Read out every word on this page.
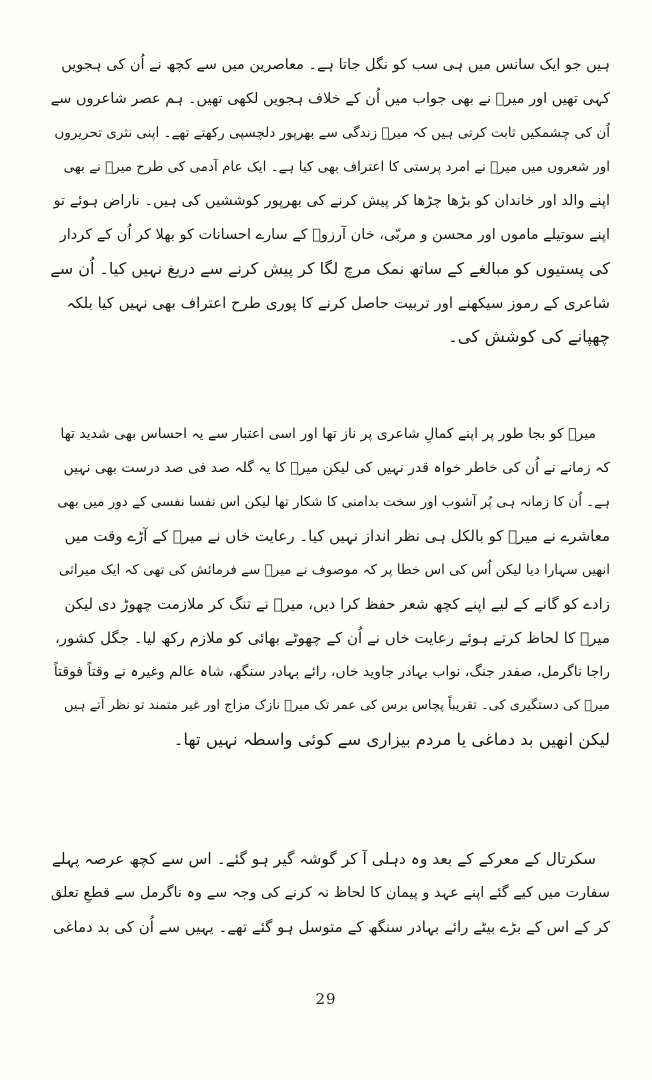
ہیں جو ایک سانس میں ہی سب کو نگل جاتا ہے۔ معاصرین میں سے کچھ نے اُن کی ہجویں
کہی تھیں اور میرؔ نے بھی جواب میں اُن کے خلاف ہجویں لکھی تھیں۔ ہم عصر شاعروں سے
اُن کی چشمکیں ثابت کرتی ہیں کہ میرؔ زندگی سے بھرپور دلچسپی رکھتے تھے۔ اپنی نثری تحریروں
اور شعروں میں میرؔ نے امرد پرستی کا اعتراف بھی کیا ہے۔ ایک عام آدمی کی طرح میرؔ نے بھی
اپنے والد اور خاندان کو بڑھا چڑھا کر پیش کرنے کی بھرپور کوششیں کی ہیں۔ ناراض ہوئے تو
اپنے سوتیلے ماموں اور محسن و مربّی، خان آرزوؔ کے سارے احسانات کو بھلا کر اُن کے کردار
کی پستیوں کو مبالغے کے ساتھ نمک مرچ لگا کر پیش کرنے سے دریغ نہیں کیا۔ اُن سے
شاعری کے رموز سیکھنے اور تربیت حاصل کرنے کا پوری طرح اعتراف بھی نہیں کیا بلکہ
چھپانے کی کوشش کی۔
میرؔ کو بجا طور پر اپنے کمالِ شاعری پر ناز تھا اور اسی اعتبار سے یہ احساس بھی شدید تھا
کہ زمانے نے اُن کی خاطر خواہ قدر نہیں کی لیکن میرؔ کا یہ گلہ صد فی صد درست بھی نہیں
ہے۔ اُن کا زمانہ ہی پُر آشوب اور سخت بدامنی کا شکار تھا لیکن اس نفسا نفسی کے دور میں بھی
معاشرے نے میرؔ کو بالکل ہی نظر انداز نہیں کیا۔ رعایت خاں نے میرؔ کے آڑے وقت میں
انھیں سہارا دیا لیکن اُس کی اس خطا پر کہ موصوف نے میرؔ سے فرمائش کی تھی کہ ایک میراثی
زادے کو گانے کے لیے اپنے کچھ شعر حفظ کرا دیں، میرؔ نے تنگ کر ملازمت چھوڑ دی لیکن
میرؔ کا لحاظ کرتے ہوئے رعایت خاں نے اُن کے چھوٹے بھائی کو ملازم رکھ لیا۔ جگل کشور،
راجا ناگرمل، صفدر جنگ، نواب بہادر جاوید خاں، رائے بہادر سنگھ، شاہ عالم وغیرہ نے وقتاً فوقتاً
میرؔ کی دستگیری کی۔ تقریباً پچاس برس کی عمر تک میرؔ نازک مزاج اور غیر متمند تو نظر آتے ہیں
لیکن انھیں بد دماغی یا مردم بیزاری سے کوئی واسطہ نہیں تھا۔
سکرتال کے معرکے کے بعد وہ دہلی آ کر گوشہ گیر ہو گئے۔ اس سے کچھ عرصہ پہلے
سفارت میں کیے گئے اپنے عہد و پیمان کا لحاظ نہ کرنے کی وجہ سے وہ ناگرمل سے قطعِ تعلق
کر کے اس کے بڑے بیٹے رائے بہادر سنگھ کے متوسل ہو گئے تھے۔ یہیں سے اُن کی بد دماغی
29
